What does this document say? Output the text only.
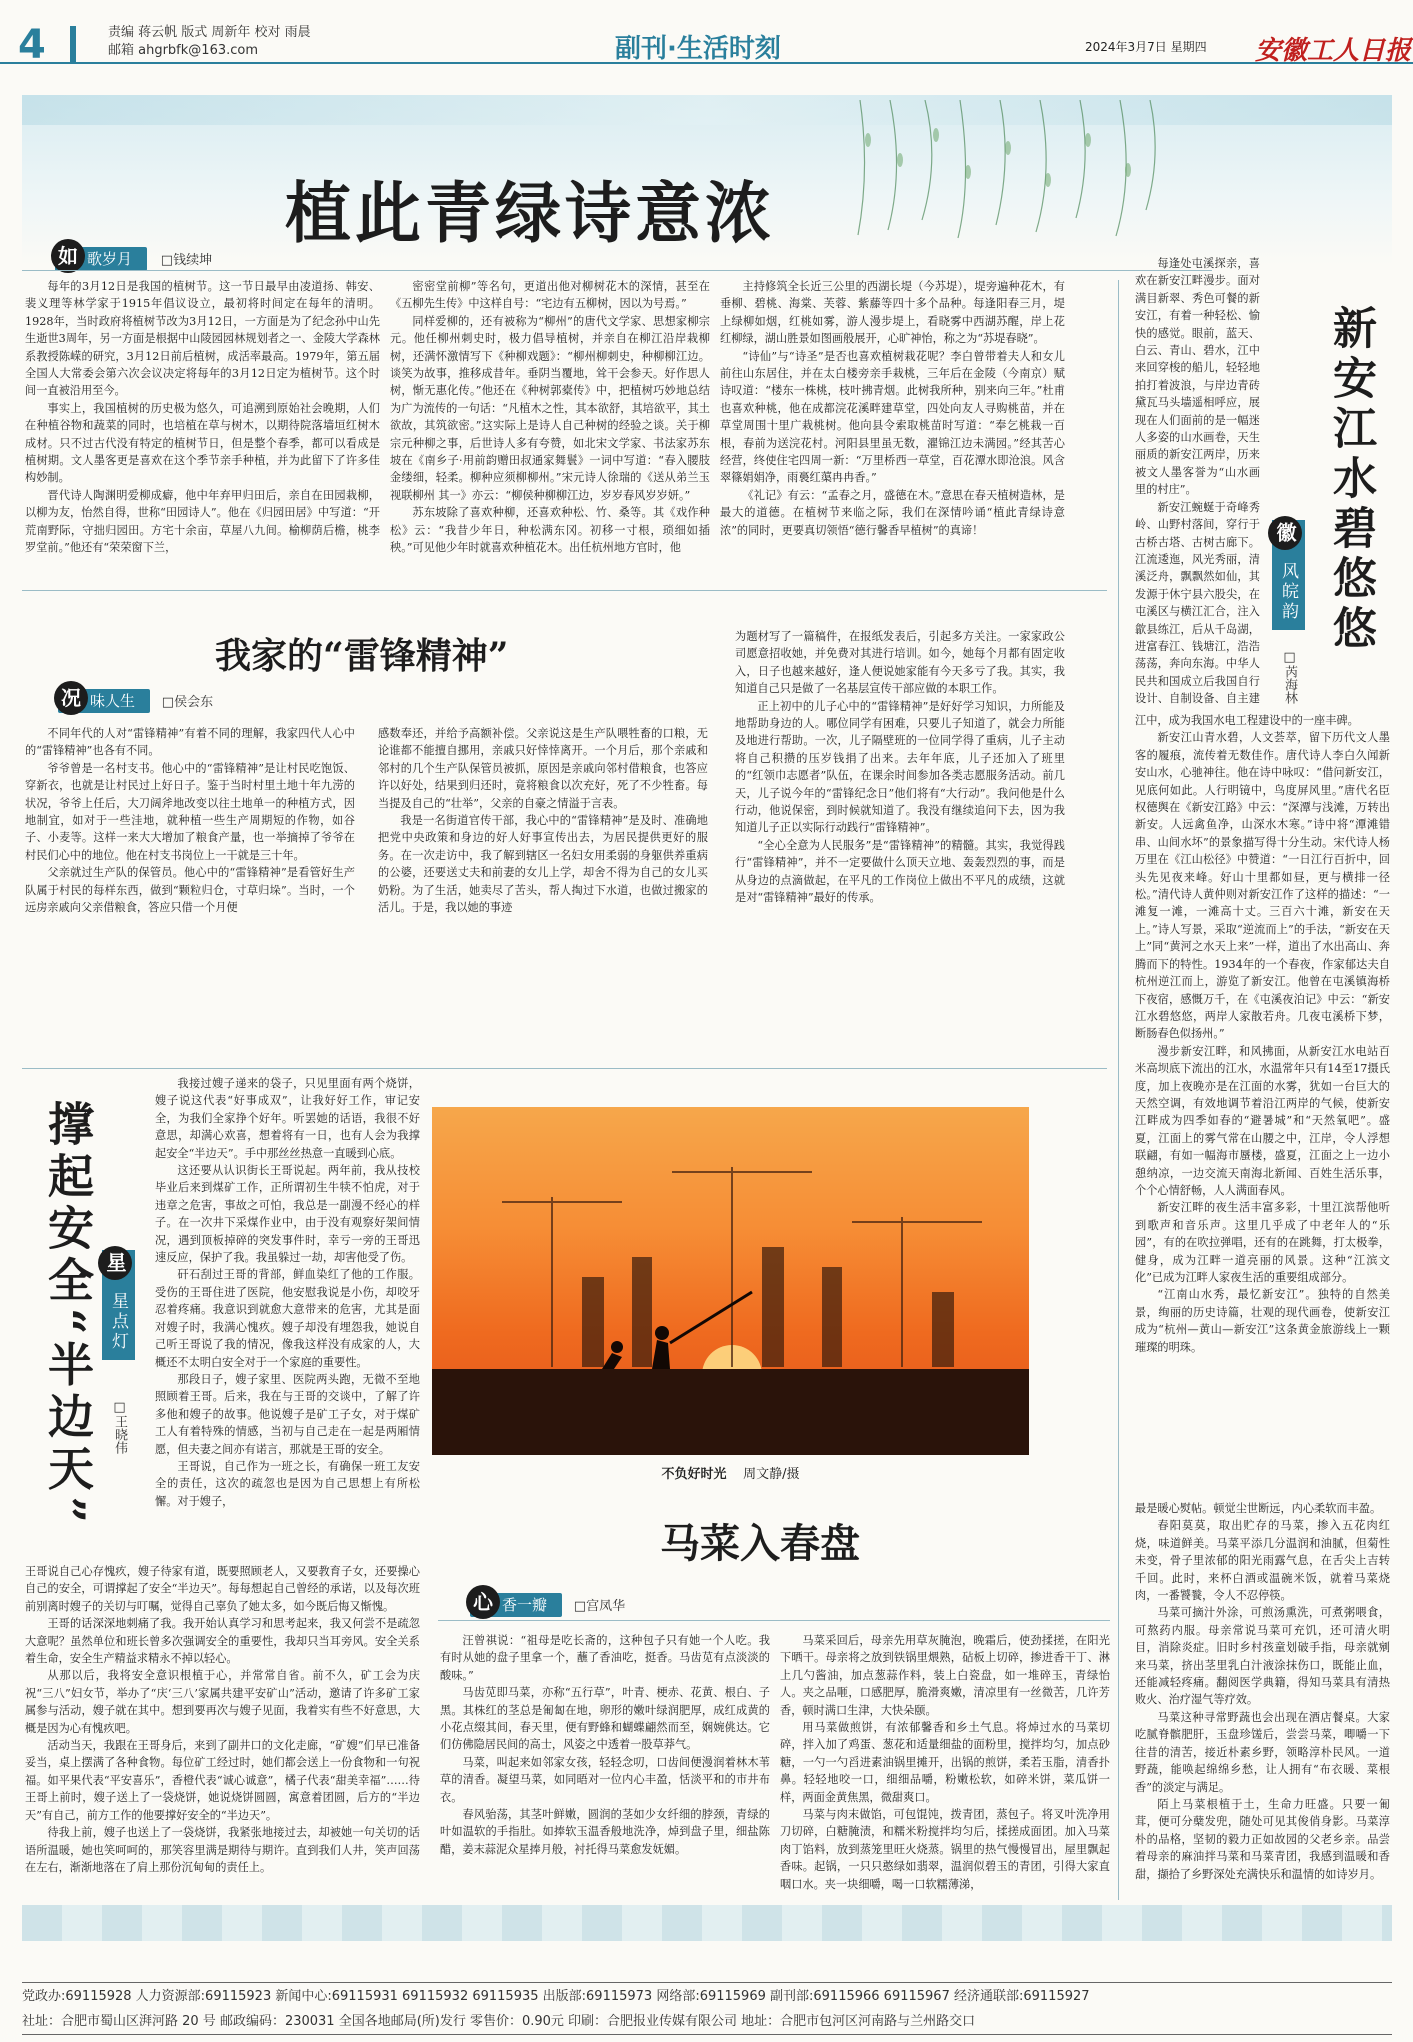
4	责编 蒋云帆 版式 周新年 校对 雨晨
邮箱 ahgrbfk@163.com	副刊·生活时刻	2024年3月7日 星期四 安徽工人日报
植此青绿诗意浓
如 歌岁月 □钱续坤

每年的3月12日是我国的植树节。这一节日最早由凌道扬、韩安、裴义理等林学家于1915年倡议设立，最初将时间定在每年的清明。1928年，当时政府将植树节改为3月12日，一方面是为了纪念孙中山先生逝世3周年，另一方面是根据中山陵园园林规划者之一、金陵大学森林系教授陈嵘的研究，3月12日前后植树，成活率最高。1979年，第五届全国人大常委会第六次会议决定将每年的3月12日定为植树节。这个时间一直被沿用至今。

事实上，我国植树的历史极为悠久，可追溯到原始社会晚期，人们在种植谷物和蔬菜的同时，也培植在草与树木，以期待院落墙垣红树木成材。只不过古代没有特定的植树节日，但是整个春季，都可以看成是植树期。文人墨客更是喜欢在这个季节亲手种植，并为此留下了许多佳构妙制。

晋代诗人陶渊明爱柳成癖，他中年弃甲归田后，亲自在田园栽柳，以柳为友，怡然自得，世称“田园诗人”。他在《归园田居》中写道：“开荒南野际，守拙归园田。方宅十余亩，草屋八九间。榆柳荫后檐，桃李罗堂前。”他还有“荣荣窗下兰，

密密堂前柳”等名句，更道出他对柳树花木的深情，甚至在《五柳先生传》中这样自号：“宅边有五柳树，因以为号焉。”

同样爱柳的，还有被称为“柳州”的唐代文学家、思想家柳宗元。他任柳州刺史时，极力倡导植树，并亲自在柳江沿岸栽柳树，还满怀激情写下《种柳戏题》：“柳州柳刺史，种柳柳江边。谈笑为故事，推移成昔年。垂阴当覆地，耸干会参天。好作思人树，惭无惠化传。”他还在《种树郭橐传》中，把植树巧妙地总结为广为流传的一句话：“凡植木之性，其本欲舒，其培欲平，其土欲故，其筑欲密。”这实际上是诗人自己种树的经验之谈。关于柳宗元种柳之事，后世诗人多有夸赞，如北宋文学家、书法家苏东坡在《南乡子·用前韵赠田叔通家舞鬟》一词中写道：“春入腰肢金缕细，轻柔。柳种应须柳柳州。”宋元诗人徐瑞的《送从弟兰玉视联柳州 其一》亦云：“柳侯种柳柳江边，岁岁春风岁岁妍。”

苏东坡除了喜欢种柳，还喜欢种松、竹、桑等。其《戏作种松》云：“我昔少年日，种松满东冈。初移一寸根，琐细如插秧。”可见他少年时就喜欢种植花木。出任杭州地方官时，他

主持修筑全长近三公里的西湖长堤（今苏堤），堤旁遍种花木，有垂柳、碧桃、海棠、芙蓉、紫藤等四十多个品种。每逢阳春三月，堤上绿柳如烟，红桃如雾，游人漫步堤上，看晓雾中西湖苏醒，岸上花红柳绿，湖山胜景如图画般展开，心旷神怡，称之为“苏堤春晓”。

“诗仙”与“诗圣”是否也喜欢植树栽花呢？李白曾带着夫人和女儿前往山东居住，并在太白楼旁亲手栽桃，三年后在金陵（今南京）赋诗叹道：“楼东一株桃，枝叶拂青烟。此树我所种，别来向三年。”杜甫也喜欢种桃，他在成都浣花溪畔建草堂，四处向友人寻购桃苗，并在草堂周围十里广栽桃树。他向县令索取桃苗时写道：“奉乞桃栽一百根，春前为送浣花村。河阳县里虽无数，濯锦江边未满园。”经其苦心经营，终使住宅四周一新：“万里桥西一草堂，百花潭水即沧浪。风含翠篠娟娟净，雨裛红蕖冉冉香。”

《礼记》有云：“孟春之月，盛德在木。”意思在春天植树造林，是最大的道德。在植树节来临之际，我们在深情吟诵“植此青绿诗意浓”的同时，更要真切领悟“德行馨香早植树”的真谛！

每逢处屯溪探亲，喜欢在新安江畔漫步。面对满目新翠、秀色可餐的新安江，有着一种轻松、愉快的感觉。眼前，蓝天、白云、青山、碧水，江中来回穿梭的船儿，轻轻地拍打着波浪，与岸边青砖黛瓦马头墙遥相呼应，展现在人们面前的是一幅迷人多姿的山水画卷，天生丽质的新安江两岸，历来被文人墨客誉为“山水画里的村庄”。

新安江蜿蜒于奇峰秀岭、山野村落间，穿行于古桥古塔、古树古廊下。江流逶迤，风光秀丽，清溪泛舟，飘飘然如仙，其发源于休宁县六股尖，在屯溪区与横江汇合，注入歙县练江，后从千岛湖，进富春江、钱塘江，浩浩荡荡，奔向东海。中华人民共和国成立后我国自行设计、自制设备、自主建

新安江水碧悠悠
徽
风皖韵
□芮海林

江中，成为我国水电工程建设中的一座丰碑。

新安江山青水碧，人文荟萃，留下历代文人墨客的履痕，流传着无数佳作。唐代诗人李白久闻新安山水，心驰神往。他在诗中咏叹：“借问新安江，见底何如此。人行明镜中，鸟度屏风里。”唐代名臣权德舆在《新安江路》中云：“深潭与浅滩，万转出新安。人远禽鱼净，山深水木寒。”诗中将“潭滩错串、山间水坏”的景象描写得十分生动。宋代诗人杨万里在《江山松径》中赞道：“一日江行百折中，回头先见夜来峰。好山十里都如昼，更与横排一径松。”清代诗人黄仲则对新安江作了这样的描述：“一滩复一滩，一滩高十丈。三百六十滩，新安在天上。”诗人写景，采取“逆流而上”的手法，“新安在天上”同“黄河之水天上来”一样，道出了水出高山、奔腾而下的特性。1934年的一个春夜，作家郁达夫自杭州逆江而上，游览了新安江。他曾在屯溪镇海桥下夜宿，感慨万千，在《屯溪夜泊记》中云：“新安江水碧悠悠，两岸人家散若舟。几夜屯溪桥下梦，断肠春色似扬州。”

漫步新安江畔，和风拂面，从新安江水电站百米高坝底下流出的江水，水温常年只有14至17摄氏度，加上夜晚亦是在江面的水雾，犹如一台巨大的天然空调，有效地调节着沿江两岸的气候，使新安江畔成为四季如春的“避暑城”和“天然氧吧”。盛夏，江面上的雾气常在山腰之中，江岸，令人浮想联翩，有如一幅海市蜃楼，盛夏，江面之上一边小憩纳凉，一边交流天南海北新闻、百姓生活乐事，个个心情舒畅，人人满面春风。

新安江畔的夜生活丰富多彩，十里江滨帮他听到歌声和音乐声。这里几乎成了中老年人的“乐园”，有的在吹拉弹唱，还有的在跳舞，打太极拳，健身，成为江畔一道亮丽的风景。这种“江滨文化”已成为江畔人家夜生活的重要组成部分。

“江南山水秀，最忆新安江”。独特的自然美景，绚丽的历史诗篇，壮观的现代画卷，使新安江成为“杭州—黄山—新安江”这条黄金旅游线上一颗璀璨的明珠。

我家的“雷锋精神”
况 味人生 □侯会东

不同年代的人对“雷锋精神”有着不同的理解，我家四代人心中的“雷锋精神”也各有不同。

爷爷曾是一名村支书。他心中的“雷锋精神”是让村民吃饱饭、穿新衣，也就是让村民过上好日子。鉴于当时村里土地十年九涝的状况，爷爷上任后，大刀阔斧地改变以往土地单一的种植方式，因地制宜，如对于一些洼地，就种植一些生产周期短的作物，如谷子、小麦等。这样一来大大增加了粮食产量，也一举摘掉了爷爷在村民们心中的地位。他在村支书岗位上一干就是三十年。

父亲就过生产队的保管员。他心中的“雷锋精神”是看管好生产队属于村民的每样东西，做到“颗粒归仓，寸草归垛”。当时，一个远房亲戚向父亲借粮食，答应只借一个月便

感数奉还，并给予高额补偿。父亲说这是生产队喂牲畜的口粮，无论谁都不能擅自挪用，亲戚只好悻悻离开。一个月后，那个亲戚和邻村的几个生产队保管员被抓，原因是亲戚向邻村借粮食，也答应许以好处，结果到归还时，竟将粮食以次充好，死了不少牲畜。每当提及自己的“壮举”，父亲的自豪之情溢于言表。

我是一名街道官传干部，我心中的“雷锋精神”是及时、准确地把党中央政策和身边的好人好事宣传出去，为居民提供更好的服务。在一次走访中，我了解到辖区一名妇女用柔弱的身躯供养重病的公婆，还要送丈夫和前妻的女儿上学，却舍不得为自己的女儿买奶粉。为了生活，她卖尽了苦头，帮人掏过下水道，也做过搬家的活儿。于是，我以她的事迹

为题材写了一篇稿件，在报纸发表后，引起多方关注。一家家政公司愿意招收她，并免费对其进行培训。如今，她每个月都有固定收入，日子也越来越好，逢人便说她家能有今天多亏了我。其实，我知道自己只是做了一名基层宣传干部应做的本职工作。

正上初中的儿子心中的“雷锋精神”是好好学习知识，力所能及地帮助身边的人。哪位同学有困难，只要儿子知道了，就会力所能及地进行帮助。一次，儿子隔壁班的一位同学得了重病，儿子主动将自己积攒的压岁钱捐了出来。去年年底，儿子还加入了班里的“红领巾志愿者”队伍，在课余时间参加各类志愿服务活动。前几天，儿子说今年的“雷锋纪念日”他们将有“大行动”。我问他是什么行动，他说保密，到时候就知道了。我没有继续追问下去，因为我知道儿子正以实际行动践行“雷锋精神”。

“全心全意为人民服务”是“雷锋精神”的精髓。其实，我觉得践行“雷锋精神”，并不一定要做什么顶天立地、轰轰烈烈的事，而是从身边的点滴做起，在平凡的工作岗位上做出不平凡的成绩，这就是对“雷锋精神”最好的传承。

撑起安全“半边天” 星
星点灯
□王晓伟

我接过嫂子递来的袋子，只见里面有两个烧饼，嫂子说这代表“好事成双”，让我好好工作，审记安全，为我们全家挣个好年。听罢她的话语，我很不好意思，却满心欢喜，想着将有一日，也有人会为我撑起安全“半边天”。手中那丝丝热意一直暖到心底。

这还要从认识街长王哥说起。两年前，我从技校毕业后来到煤矿工作，正所谓初生牛犊不怕虎，对于违章之危害，事故之可怕，我总是一副漫不经心的样子。在一次井下采煤作业中，由于没有观察好架间情况，遇到顶板掉碎的突发事件时，幸亏一旁的王哥迅速反应，保护了我。我虽躲过一劫，却害他受了伤。

矸石刮过王哥的背部，鲜血染红了他的工作服。受伤的王哥住进了医院，他安慰我说是小伤，却咬牙忍着疼痛。我意识到就愈大意带来的危害，尤其是面对嫂子时，我满心愧疚。嫂子却没有埋怨我，她说自己听王哥说了我的情况，像我这样没有成家的人，大概还不太明白安全对于一个家庭的重要性。

那段日子，嫂子家里、医院两头跑，无微不至地照顾着王哥。后来，我在与王哥的交谈中，了解了许多他和嫂子的故事。他说嫂子是矿工子女，对于煤矿工人有着特殊的情感，当初与自己走在一起是两厢情愿，但夫妻之间亦有诺言，那就是王哥的安全。

王哥说，自己作为一班之长，有确保一班工友安全的责任，这次的疏忽也是因为自己思想上有所松懈。对于嫂子，

王哥说自己心存愧疚，嫂子待家有道，既要照顾老人，又要教育子女，还要操心自己的安全，可谓撑起了安全“半边天”。每每想起自己曾经的承诺，以及每次班前别离时嫂子的关切与叮嘱，觉得自己辜负了她太多，如今既后悔又惭愧。

王哥的话深深地刺痛了我。我开始认真学习和思考起来，我又何尝不是疏忽大意呢？虽然单位和班长曾多次强调安全的重要性，我却只当耳旁风。安全关系着生命，安全生产精益求精永不掉以轻心。

从那以后，我将安全意识根植于心，并常常自省。前不久，矿工会为庆祝“三八”妇女节，举办了“庆‘三八’家属共建平安矿山”活动，邀请了许多矿工家属参与活动，嫂子就在其中。想到要再次与嫂子见面，我着实有些不好意思，大概是因为心有愧疚吧。

活动当天，我跟在王哥身后，来到了副井口的文化走廊，“矿嫂”们早已准备妥当，桌上摆满了各种食物。每位矿工经过时，她们都会送上一份食物和一句祝福。如平果代表“平安喜乐”，香橙代表“诚心诚意”，橘子代表“甜美幸福”……待王哥上前时，嫂子送上了一袋烧饼，她说烧饼圆圆，寓意着团圆，后方的“半边天”有自己，前方工作的他要撑好安全的“半边天”。

待我上前，嫂子也送上了一袋烧饼，我紧张地接过去，却被她一句关切的话语所温暖，她也笑呵呵的，那笑容里满是期待与期许。直到我们人井，笑声回荡在左右，渐渐地落在了肩上那份沉甸甸的责任上。

不负好时光 周文静/摄
马菜入春盘
心 香一瓣 □宫凤华

汪曾祺说：“祖母是吃长斋的，这种包子只有她一个人吃。我有时从她的盘子里拿一个，蘸了香油吃，挺香。马齿苋有点淡淡的酸味。”

马齿苋即马菜，亦称“五行草”，叶青、梗赤、花黄、根白、子黑。其株红的茎总是匍匐在地，卵形的嫩叶绿润肥厚，成红成黄的小花点缀其间，春天里，便有野蜂和蝴蝶翩然而至，娴婉佻达。它们仿佛隐居民间的高士，风姿之中透着一股草莽气。

马菜，叫起来如邻家女孩，轻轻念叨，口齿间便漫润着林木苇草的清香。凝望马菜，如同晤对一位内心丰盈，恬淡平和的市井布衣。

春风骀荡，其茎叶鲜嫩，圆润的茎如少女纤细的脖颈，青绿的叶如温软的手指肚。如捧软玉温香般地洗净，焯到盘子里，细盐陈醋，姜末蒜泥众星捧月般，衬托得马菜愈发妩媚。

马菜采回后，母亲先用草灰腌泡，晚霜后，使劲揉搓，在阳光下晒干。母亲将之放到铁锅里煨熟，砧板上切碎，掺进香干丁、淋上几勺酱油，加点葱蒜作料，装上白瓷盘，如一堆碎玉，青绿怡人。夹之品咂，口感肥厚，脆滑爽嫩，清凉里有一丝微苦，几许芳香，顿时满口生津，大快朵颐。

用马菜做煎饼，有浓郁馨香和乡土气息。将焯过水的马菜切碎，拌入加了鸡蛋、葱花和适量细盐的面粉里，搅拌均匀，加点砂糖，一勺一勺舀进素油锅里摊开，出锅的煎饼，柔若玉脂，清香扑鼻。轻轻地咬一口，细细品嚼，粉嫩松软，如碎米饼，菜瓜饼一样，两面金黄焦黑，微甜爽口。

马菜与肉末做馅，可包馄饨，拨青团，蒸包子。将叉叶洗净用刀切碎，白糖腌渍，和糯米粉搅拌均匀后，揉搓成面团。加入马菜肉丁馅料，放到蒸笼里旺火烧蒸。锅里的热气慢慢冒出，屋里飘起香味。起锅，一只只憨绿如翡翠，温润似碧玉的青团，引得大家直咽口水。夹一块细嚼，喝一口软糯薄涕，

党政办:69115928 人力资源部:69115923 新闻中心:69115931 69115932 69115935 出版部:69115973 网络部:69115969 副刊部:69115966 69115967 经济通联部:69115927
社址：合肥市蜀山区湃河路 20 号 邮政编码：230031 全国各地邮局(所)发行 零售价：0.90元 印刷：合肥报业传媒有限公司 地址：合肥市包河区河南路与兰州路交口

最是暖心熨帖。顿觉尘世断远，内心柔软而丰盈。

春阳莫莫，取出贮存的马菜，掺入五花肉红烧，味道鲜美。马菜平添几分温润和油腻，但菊性未变，骨子里浓郁的阳光雨露气息，在舌尖上吉转千回。此时，来杯白酒或温碗米饭，就着马菜烧肉，一番饕餮，令人不忍停筷。

马菜可摘汁外涂，可煎汤熏洗，可煮粥喂食，可熬药内服。母亲常说马菜可充饥，还可清火明目，消除炎症。旧时乡村孩童划破手指，母亲就剜来马菜，挤出茎里乳白汁液涂抹伤口，既能止血，还能减轻疼痛。翻阅医学典籍，得知马菜具有清热败火、治疗湿气等疗效。

马菜这种寻常野蔬也会出现在酒店餐桌。大家吃腻脊髌肥肝，玉盘珍馐后，尝尝马菜，唧嚼一下往昔的清苦，接近朴素乡野，领略淳朴民风。一道野蔬，能唤起绵绵乡愁，让人拥有“布衣暖、菜根香”的淡定与满足。

陌上马菜根植于土，生命力旺盛。只要一匍茸，便可分蘖发兜，随处可见其俊俏身影。马菜淳朴的品格，坚韧的毅力正如故园的父老乡亲。品尝着母亲的麻油拌马菜和马菜青团，我感到温暖和香甜，撷拾了乡野深处充满快乐和温情的如诗岁月。
